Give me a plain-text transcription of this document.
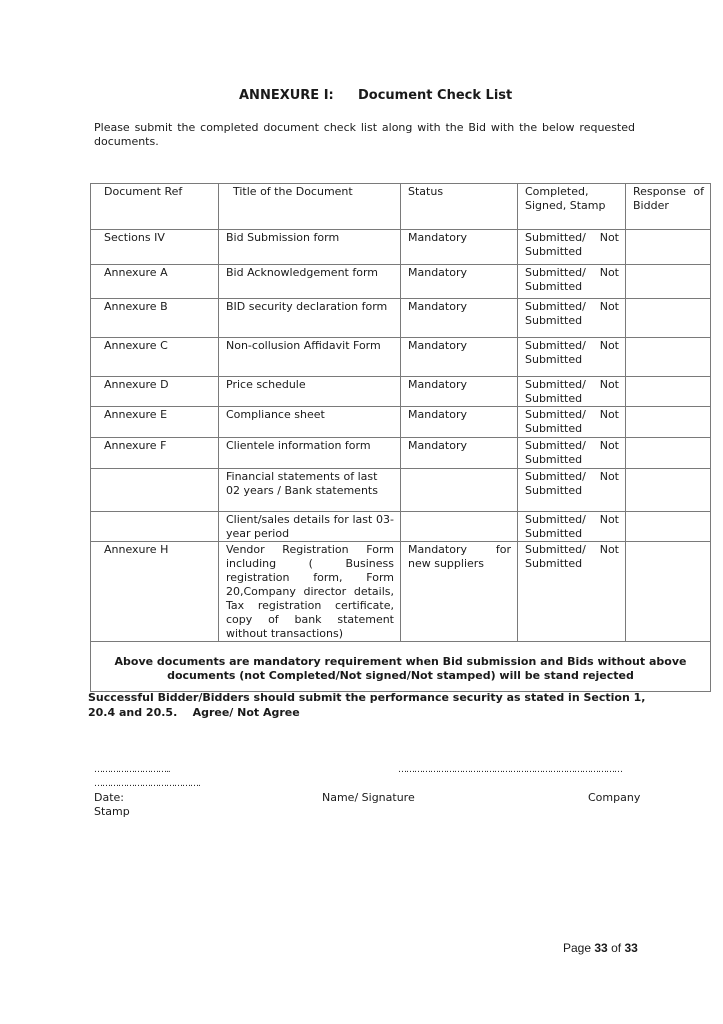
ANNEXURE I: Document Check List
Please submit the completed document check list along with the Bid with the below requested documents.
Document Ref	Title of the Document	Status	Completed, Signed, Stamp	Response of Bidder
Sections IV	Bid Submission form	Mandatory	Submitted/ Not Submitted	
Annexure A	Bid Acknowledgement form	Mandatory	Submitted/ Not Submitted	
Annexure B	BID security declaration form	Mandatory	Submitted/ Not Submitted	
Annexure C	Non-collusion Affidavit Form	Mandatory	Submitted/ Not Submitted	
Annexure D	Price schedule	Mandatory	Submitted/ Not Submitted	
Annexure E	Compliance sheet	Mandatory	Submitted/ Not Submitted	
Annexure F	Clientele information form	Mandatory	Submitted/ Not Submitted	
	Financial statements of last 02 years / Bank statements		Submitted/ Not Submitted	
	Client/sales details for last 03-year period		Submitted/ Not Submitted	
Annexure H	Vendor Registration Form including ( Business registration form, Form 20,Company director details, Tax registration certificate, copy of bank statement without transactions)	Mandatory for new suppliers	Submitted/ Not Submitted	
Above documents are mandatory requirement when Bid submission and Bids without above documents (not Completed/Not signed/Not stamped) will be stand rejected				
Successful Bidder/Bidders should submit the performance security as stated in Section 1, 20.4 and 20.5.    Agree/ Not Agree
………………………..	…………………………………………………………………………
………………………………….
Date:	Name/ Signature	Company
Stamp
Page 33 of 33
